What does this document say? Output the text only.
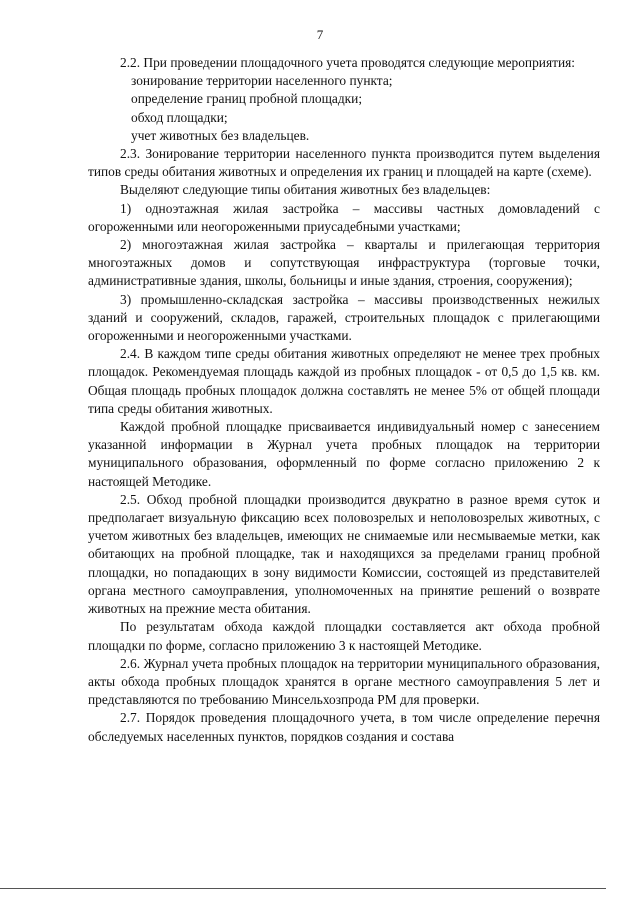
7

2.2. При проведении площадочного учета проводятся следующие мероприятия:

зонирование территории населенного пункта;

определение границ пробной площадки;

обход площадки;

учет животных без владельцев.

2.3. Зонирование территории населенного пункта производится путем выделения типов среды обитания животных и определения их границ и площадей на карте (схеме).

Выделяют следующие типы обитания животных без владельцев:

1) одноэтажная жилая застройка – массивы частных домовладений с огороженными или неогороженными приусадебными участками;

2) многоэтажная жилая застройка – кварталы и прилегающая территория многоэтажных домов и сопутствующая инфраструктура (торговые точки, административные здания, школы, больницы и иные здания, строения, сооружения);

3) промышленно-складская застройка – массивы производственных нежилых зданий и сооружений, складов, гаражей, строительных площадок с прилегающими огороженными и неогороженными участками.

2.4. В каждом типе среды обитания животных определяют не менее трех пробных площадок. Рекомендуемая площадь каждой из пробных площадок - от 0,5 до 1,5 кв. км. Общая площадь пробных площадок должна составлять не менее 5% от общей площади типа среды обитания животных.

Каждой пробной площадке присваивается индивидуальный номер с занесением указанной информации в Журнал учета пробных площадок на территории муниципального образования, оформленный по форме согласно приложению 2 к настоящей Методике.

2.5. Обход пробной площадки производится двукратно в разное время суток и предполагает визуальную фиксацию всех половозрелых и неполовозрелых животных, с учетом животных без владельцев, имеющих не снимаемые или несмываемые метки, как обитающих на пробной площадке, так и находящихся за пределами границ пробной площадки, но попадающих в зону видимости Комиссии, состоящей из представителей органа местного самоуправления, уполномоченных на принятие решений о возврате животных на прежние места обитания.

По результатам обхода каждой площадки составляется акт обхода пробной площадки по форме, согласно приложению 3 к настоящей Методике.

2.6. Журнал учета пробных площадок на территории муниципального образования, акты обхода пробных площадок хранятся в органе местного самоуправления 5 лет и представляются по требованию Минсельхозпрода РМ для проверки.

2.7. Порядок проведения площадочного учета, в том числе определение перечня обследуемых населенных пунктов, порядков создания и состава
